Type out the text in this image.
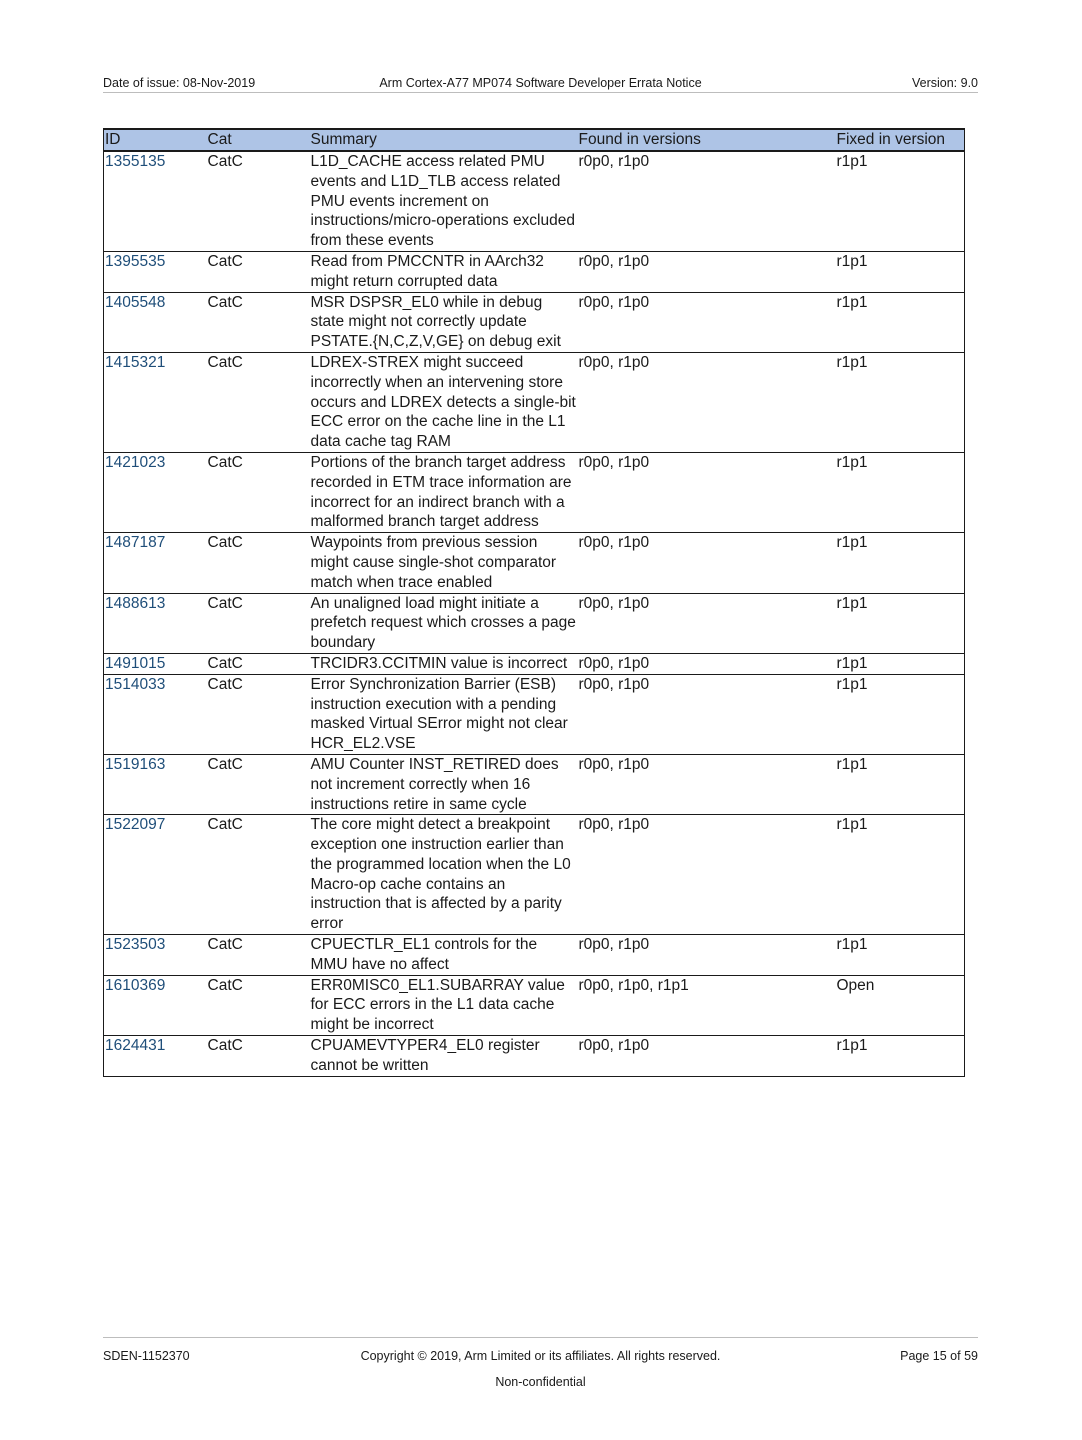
Date of issue: 08-Nov-2019	Arm Cortex-A77 MP074 Software Developer Errata Notice	Version: 9.0
ID	Cat	Summary	Found in versions	Fixed in version
1355135	CatC	L1D_CACHE access related PMU events and L1D_TLB access related PMU events increment on instructions/micro-operations excluded from these events	r0p0, r1p0	r1p1
1395535	CatC	Read from PMCCNTR in AArch32 might return corrupted data	r0p0, r1p0	r1p1
1405548	CatC	MSR DSPSR_EL0 while in debug state might not correctly update PSTATE.{N,C,Z,V,GE} on debug exit	r0p0, r1p0	r1p1
1415321	CatC	LDREX-STREX might succeed incorrectly when an intervening store occurs and LDREX detects a single-bit ECC error on the cache line in the L1 data cache tag RAM	r0p0, r1p0	r1p1
1421023	CatC	Portions of the branch target address recorded in ETM trace information are incorrect for an indirect branch with a malformed branch target address	r0p0, r1p0	r1p1
1487187	CatC	Waypoints from previous session might cause single-shot comparator match when trace enabled	r0p0, r1p0	r1p1
1488613	CatC	An unaligned load might initiate a prefetch request which crosses a page boundary	r0p0, r1p0	r1p1
1491015	CatC	TRCIDR3.CCITMIN value is incorrect	r0p0, r1p0	r1p1
1514033	CatC	Error Synchronization Barrier (ESB) instruction execution with a pending masked Virtual SError might not clear HCR_EL2.VSE	r0p0, r1p0	r1p1
1519163	CatC	AMU Counter INST_RETIRED does not increment correctly when 16 instructions retire in same cycle	r0p0, r1p0	r1p1
1522097	CatC	The core might detect a breakpoint exception one instruction earlier than the programmed location when the L0 Macro-op cache contains an instruction that is affected by a parity error	r0p0, r1p0	r1p1
1523503	CatC	CPUECTLR_EL1 controls for the MMU have no affect	r0p0, r1p0	r1p1
1610369	CatC	ERR0MISC0_EL1.SUBARRAY value for ECC errors in the L1 data cache might be incorrect	r0p0, r1p0, r1p1	Open
1624431	CatC	CPUAMEVTYPER4_EL0 register cannot be written	r0p0, r1p0	r1p1
SDEN-1152370	Copyright © 2019, Arm Limited or its affiliates. All rights reserved.	Page 15 of 59
Non-confidential
